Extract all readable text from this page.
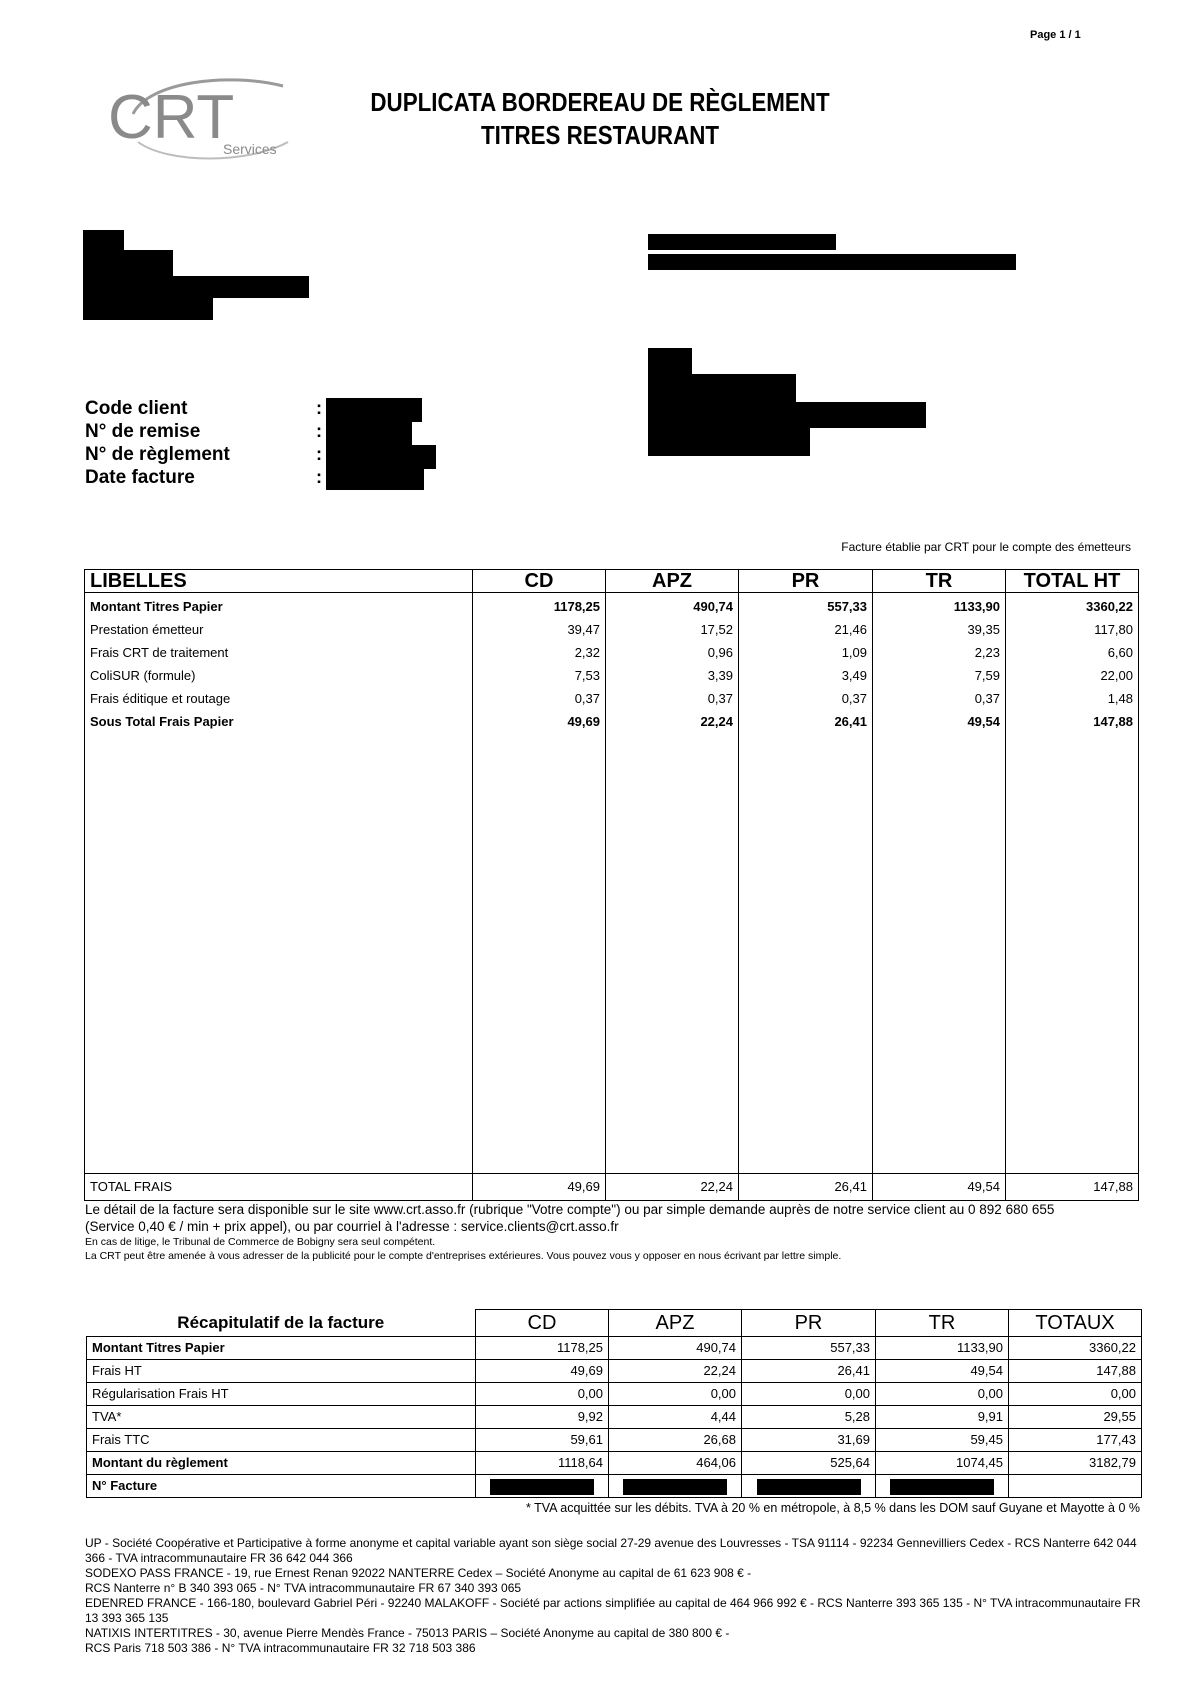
Page 1 / 1
CRT
Services
DUPLICATA BORDEREAU DE RÈGLEMENT
TITRES RESTAURANT
Code client	:
N° de remise	:
N° de règlement	:
Date facture	:
Facture établie par CRT pour le compte des émetteurs
LIBELLES	CD	APZ	PR	TR	TOTAL HT
Montant Titres Papier	1178,25	490,74	557,33	1133,90	3360,22
Prestation émetteur	39,47	17,52	21,46	39,35	117,80
Frais CRT de traitement	2,32	0,96	1,09	2,23	6,60
ColiSUR (formule)	7,53	3,39	3,49	7,59	22,00
Frais éditique et routage	0,37	0,37	0,37	0,37	1,48
Sous Total Frais Papier	49,69	22,24	26,41	49,54	147,88

TOTAL FRAIS	49,69	22,24	26,41	49,54	147,88
Le détail de la facture sera disponible sur le site www.crt.asso.fr (rubrique "Votre compte") ou par simple demande auprès de notre service client au 0 892 680 655
(Service 0,40 € / min + prix appel), ou par courriel à l'adresse : service.clients@crt.asso.fr
En cas de litige, le Tribunal de Commerce de Bobigny sera seul compétent.
La CRT peut être amenée à vous adresser de la publicité pour le compte d'entreprises extérieures. Vous pouvez vous y opposer en nous écrivant par lettre simple.
Récapitulatif de la facture	CD	APZ	PR	TR	TOTAUX
Montant Titres Papier	1178,25	490,74	557,33	1133,90	3360,22
Frais HT	49,69	22,24	26,41	49,54	147,88
Régularisation Frais HT	0,00	0,00	0,00	0,00	0,00
TVA*	9,92	4,44	5,28	9,91	29,55
Frais TTC	59,61	26,68	31,69	59,45	177,43
Montant du règlement	1118,64	464,06	525,64	1074,45	3182,79
N° Facture					
* TVA acquittée sur les débits. TVA à 20 % en métropole, à 8,5 % dans les DOM sauf Guyane et Mayotte à 0 %

UP - Société Coopérative et Participative à forme anonyme et capital variable ayant son siège social 27-29 avenue des Louvresses - TSA 91114 - 92234 Gennevilliers Cedex - RCS Nanterre 642 044 366 - TVA intracommunautaire FR 36 642 044 366

SODEXO PASS FRANCE - 19, rue Ernest Renan 92022 NANTERRE Cedex – Société Anonyme au capital de 61 623 908 € -

RCS Nanterre n° B 340 393 065 - N° TVA intracommunautaire FR 67 340 393 065

EDENRED FRANCE - 166-180, boulevard Gabriel Péri - 92240 MALAKOFF - Société par actions simplifiée au capital de 464 966 992 € - RCS Nanterre 393 365 135 - N° TVA intracommunautaire FR 13 393 365 135

NATIXIS INTERTITRES - 30, avenue Pierre Mendès France - 75013 PARIS – Société Anonyme au capital de 380 800 € -

RCS Paris 718 503 386 - N° TVA intracommunautaire FR 32 718 503 386
